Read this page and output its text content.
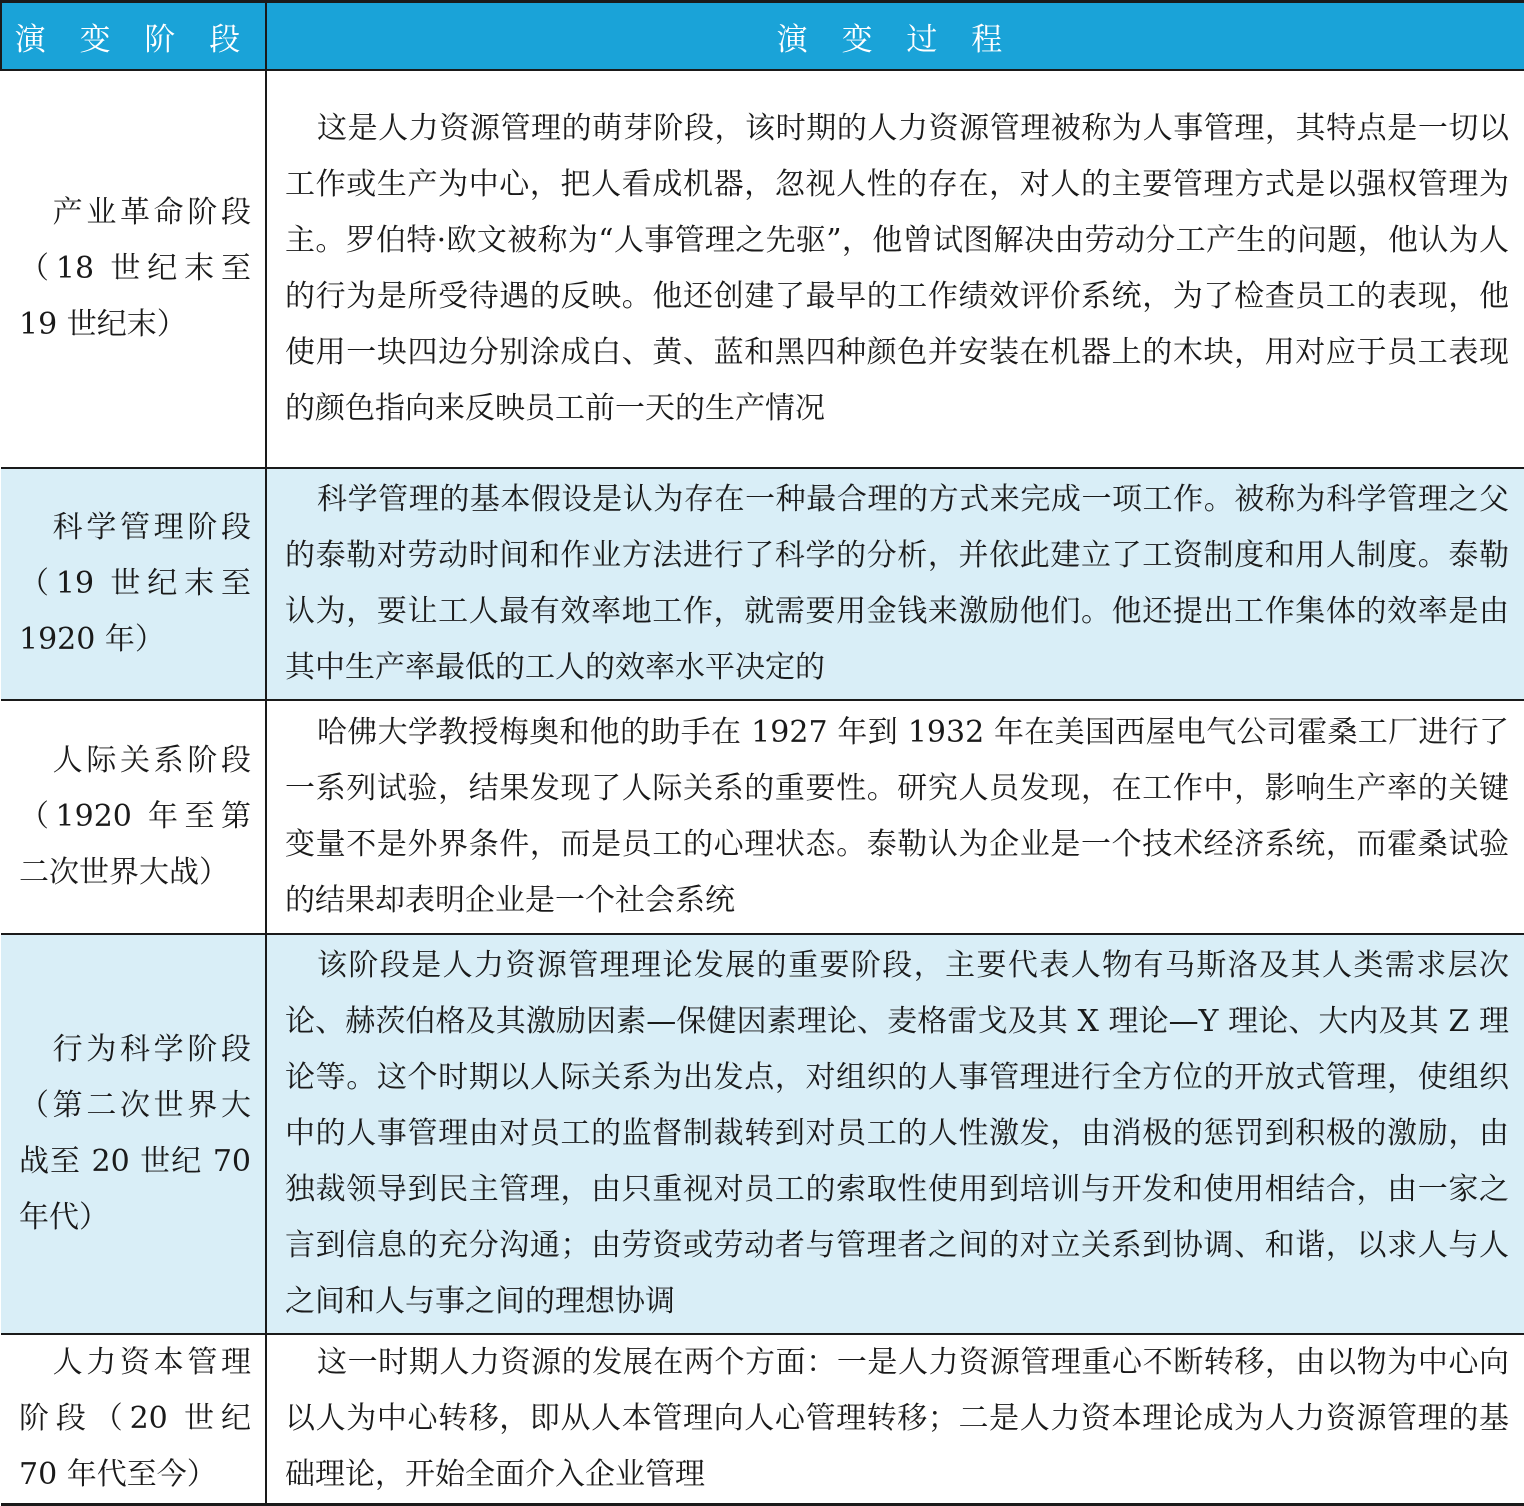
演 变 阶 段	演 变 过 程
产业革命阶段（18 世纪末至 19 世纪末）	这是人力资源管理的萌芽阶段，该时期的人力资源管理被称为人事管理，其特点是一切以工作或生产为中心，把人看成机器，忽视人性的存在，对人的主要管理方式是以强权管理为主。罗伯特·欧文被称为“人事管理之先驱”，他曾试图解决由劳动分工产生的问题，他认为人的行为是所受待遇的反映。他还创建了最早的工作绩效评价系统，为了检查员工的表现，他使用一块四边分别涂成白、黄、蓝和黑四种颜色并安装在机器上的木块，用对应于员工表现的颜色指向来反映员工前一天的生产情况

科学管理阶段（19 世纪末至 1920 年）	科学管理的基本假设是认为存在一种最合理的方式来完成一项工作。被称为科学管理之父的泰勒对劳动时间和作业方法进行了科学的分析，并依此建立了工资制度和用人制度。泰勒认为，要让工人最有效率地工作，就需要用金钱来激励他们。他还提出工作集体的效率是由其中生产率最低的工人的效率水平决定的

人际关系阶段（1920 年至第二次世界大战）	哈佛大学教授梅奥和他的助手在 1927 年到 1932 年在美国西屋电气公司霍桑工厂进行了一系列试验，结果发现了人际关系的重要性。研究人员发现，在工作中，影响生产率的关键变量不是外界条件，而是员工的心理状态。泰勒认为企业是一个技术经济系统，而霍桑试验的结果却表明企业是一个社会系统

行为科学阶段（第二次世界大战至 20 世纪 70 年代）	该阶段是人力资源管理理论发展的重要阶段，主要代表人物有马斯洛及其人类需求层次论、赫茨伯格及其激励因素—保健因素理论、麦格雷戈及其 X 理论—Y 理论、大内及其 Z 理论等。这个时期以人际关系为出发点，对组织的人事管理进行全方位的开放式管理，使组织中的人事管理由对员工的监督制裁转到对员工的人性激发，由消极的惩罚到积极的激励，由独裁领导到民主管理，由只重视对员工的索取性使用到培训与开发和使用相结合，由一家之言到信息的充分沟通；由劳资或劳动者与管理者之间的对立关系到协调、和谐，以求人与人之间和人与事之间的理想协调

人力资本管理阶段（20 世纪 70 年代至今）	这一时期人力资源的发展在两个方面：一是人力资源管理重心不断转移，由以物为中心向以人为中心转移，即从人本管理向人心管理转移；二是人力资本理论成为人力资源管理的基础理论，开始全面介入企业管理
